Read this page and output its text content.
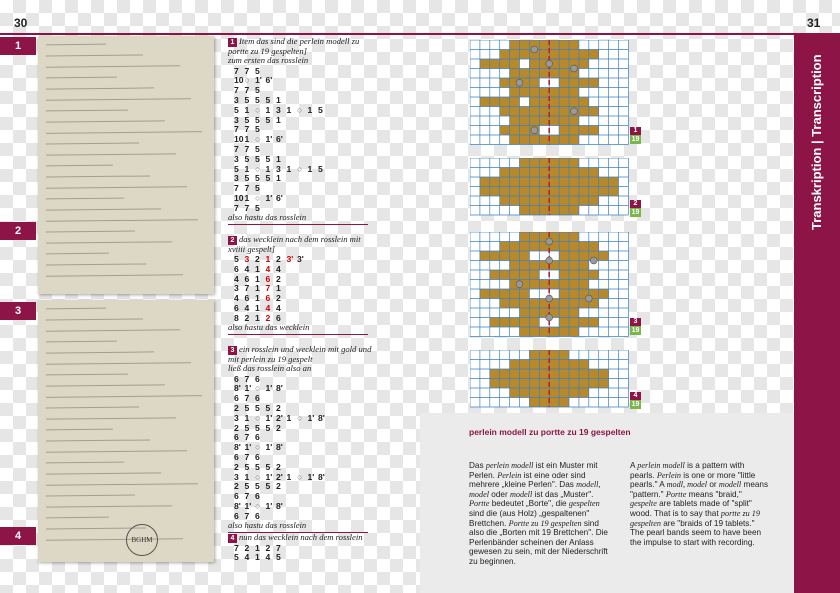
30	31
1
2
3
4	BGHM
1 Item das sind die perlein modell zu
portte zu 19 gespelten]
zum ersten das rosslein
7 7 5
10○ 1' 6'
7 7 5
3 5 5 5 1
5 1 ○ 1 3 1 ○ 1 5
3 5 5 5 1
7 7 5
101 ○ 1' 6'
7 7 5
3 5 5 5 1
5 1 ○ 1 3 1 ○ 1 5
3 5 5 5 1
7 7 5
101 ○ 1' 6'
7 7 5
also hastu das rosslein
2 das wecklein nach dem rosslein mit
xviiii gespelt]
5 3 2 1 2 3' 3'
6 4 1 4 4
4 6 1 6 2
3 7 1 7 1
4 6 1 6 2
6 4 1 4 4
8 2 1 2 6
also hastu das wecklein
3 ein rosslein und wecklein mit gold und
mit perlein zu 19 gespelt
ließ das rosslein also an
6 7 6
8' 1' ○ 1' 8'
6 7 6
2 5 5 5 2
3 1 ○ 1' 2' 1 ○ 1' 8'
2 5 5 5 2
6 7 6
8' 1' ○ 1' 8'
6 7 6
2 5 5 5 2
3 1 ○ 1' 2' 1 ○ 1' 8'
2 5 5 5 2
6 7 6
8' 1' ○ 1' 8'
6 7 6
also hastu das rosslein
4 nun das wecklein nach dem rosslein
7 2 1 2 7
5 4 1 4 5
1
19
2
19
3
19
4
19
Transkription | Transcription
perlein modell zu portte zu 19 gespelten
Das perlein modell ist ein Muster mit Perlen. Perlein ist eine oder sind mehrere „kleine Perlen". Das modell, model oder modell ist das „Muster". Portte bedeutet „Borte", die gespelten sind die (aus Holz) „gespaltenen" Brettchen. Portte zu 19 gespelten sind also die „Borten mit 19 Brettchen". Die Perlenbänder scheinen der Anlass gewesen zu sein, mit der Niederschrift zu beginnen.
A perlein modell is a pattern with pearls. Perlein is one or more "little pearls." A modl, model or modell means "pattern." Portte means "braid," gespelte are tablets made of "split" wood. That is to say that portte zu 19 gespelten are "braids of 19 tablets." The pearl bands seem to have been the impulse to start with recording.
